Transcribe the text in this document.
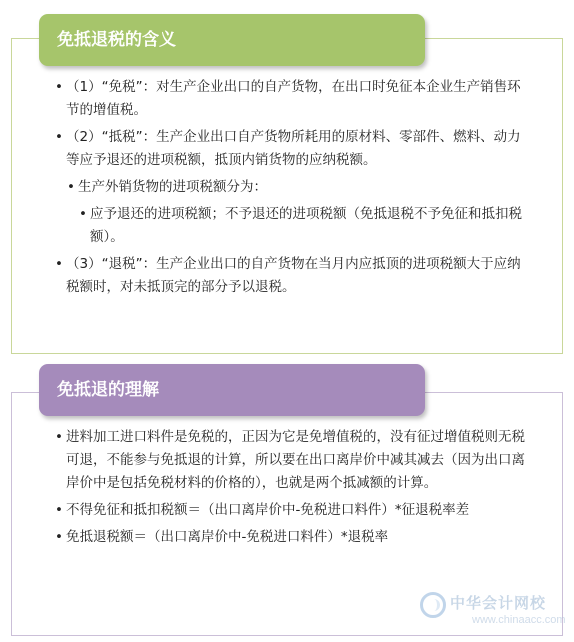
免抵退税的含义
• （1）“免税”：对生产企业出口的自产货物，在出口时免征本企业生产销售环节的增值税。
• （2）“抵税”：生产企业出口自产货物所耗用的原材料、零部件、燃料、动力等应予退还的进项税额，抵顶内销货物的应纳税额。
• 生产外销货物的进项税额分为：
• 应予退还的进项税额；不予退还的进项税额（免抵退税不予免征和抵扣税额）。
• （3）“退税”：生产企业出口的自产货物在当月内应抵顶的进项税额大于应纳税额时，对未抵顶完的部分予以退税。
免抵退的理解
• 进料加工进口料件是免税的，正因为它是免增值税的，没有征过增值税则无税可退，不能参与免抵退的计算，所以要在出口离岸价中减其减去（因为出口离岸价中是包括免税材料的价格的），也就是两个抵减额的计算。
• 不得免征和抵扣税额＝（出口离岸价中-免税进口料件）*征退税率差
• 免抵退税额＝（出口离岸价中-免税进口料件）*退税率
中华会计网校
www.chinaacc.com
